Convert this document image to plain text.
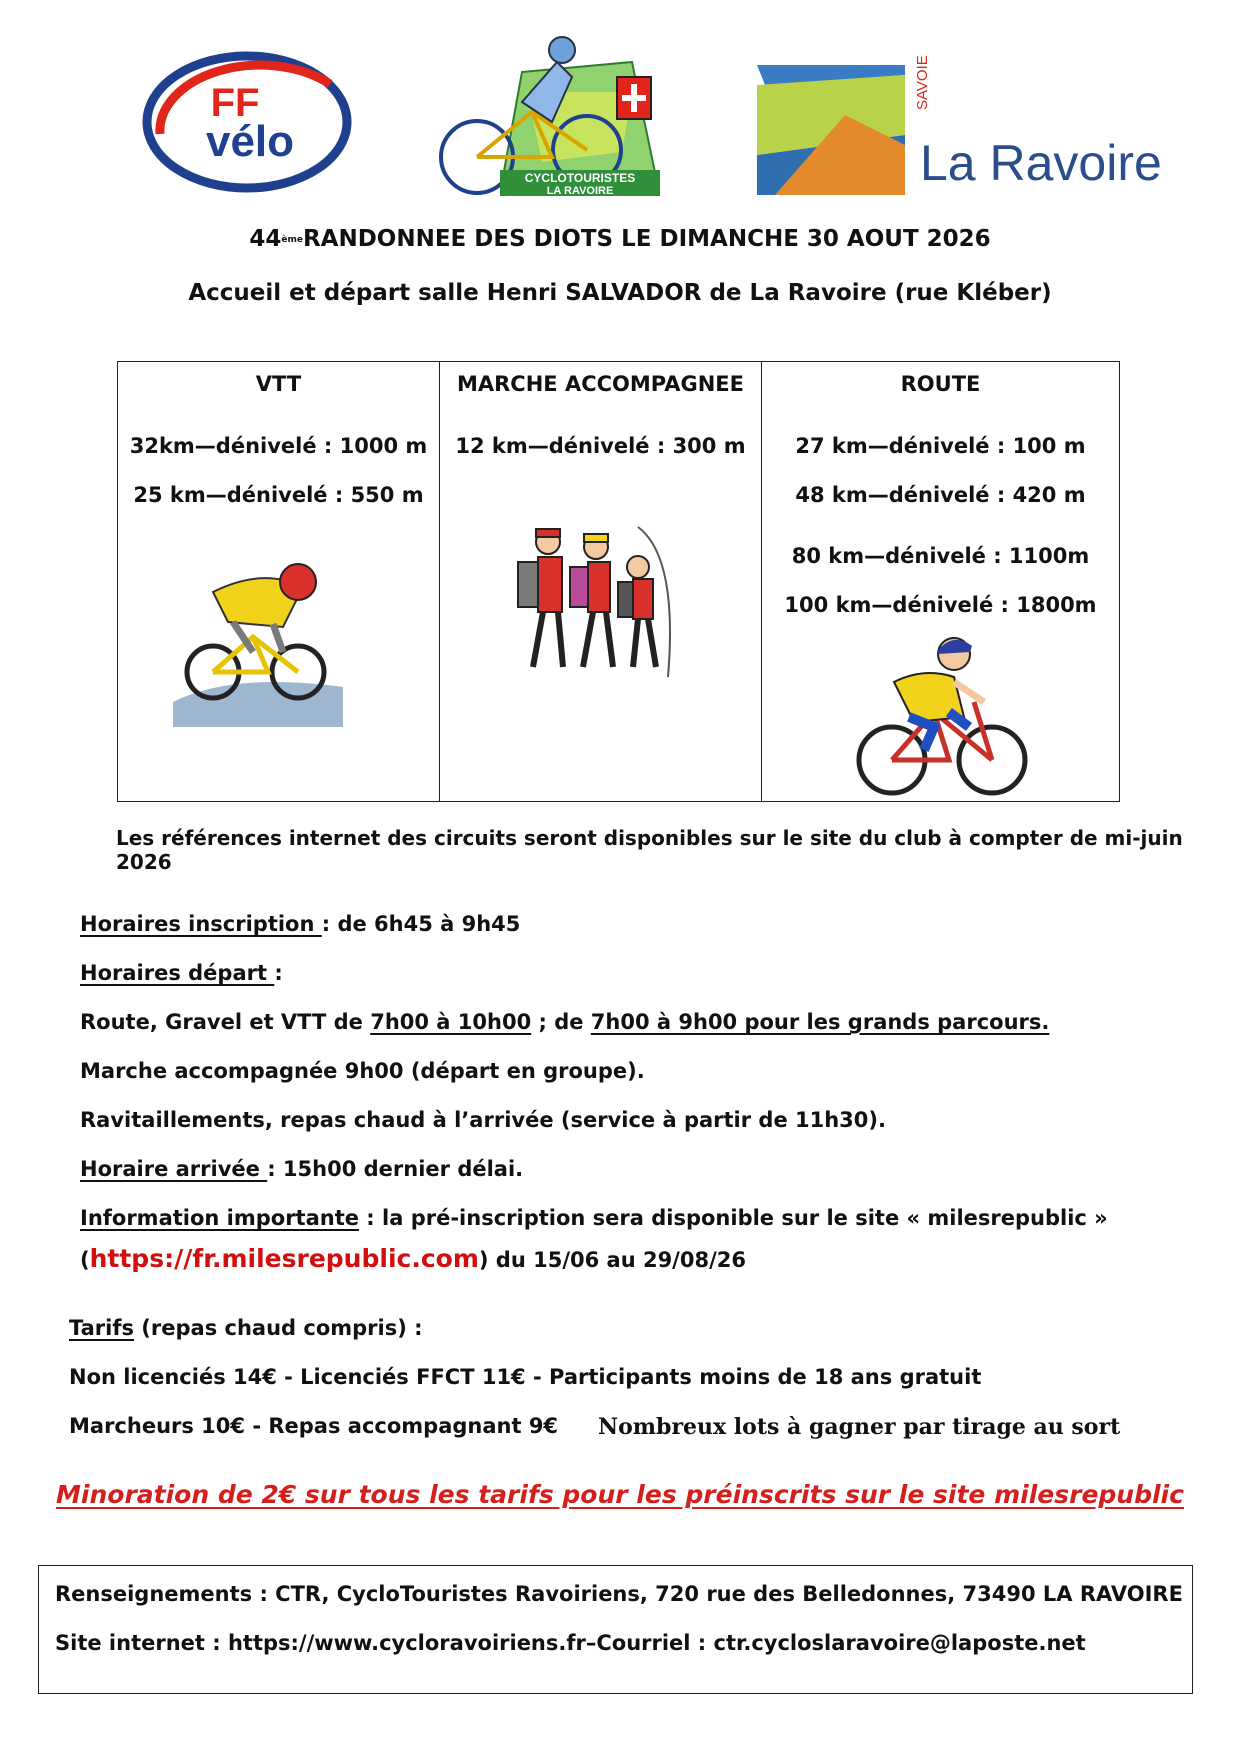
FF
vélo
CYCLOTOURISTES
LA RAVOIRE
SAVOIE
La Ravoire
44èmeRANDONNEE DES DIOTS LE DIMANCHE 30 AOUT 2026
Accueil et départ salle Henri SALVADOR de La Ravoire (rue Kléber)
VTT
32km—dénivelé : 1000 m
25 km—dénivelé : 550 m
MARCHE ACCOMPAGNEE
12 km—dénivelé : 300 m
ROUTE
27 km—dénivelé : 100 m
48 km—dénivelé : 420 m
80 km—dénivelé : 1100m
100 km—dénivelé : 1800m
Les références internet des circuits seront disponibles sur le site du club à compter de mi-juin 2026
Horaires inscription : de 6h45 à 9h45
Horaires départ :
Route, Gravel et VTT de 7h00 à 10h00 ; de 7h00 à 9h00 pour les grands parcours.
Marche accompagnée 9h00 (départ en groupe).
Ravitaillements, repas chaud à l’arrivée (service à partir de 11h30).
Horaire arrivée : 15h00 dernier délai.
Information importante : la pré-inscription sera disponible sur le site « milesrepublic »
(https://fr.milesrepublic.com) du 15/06 au 29/08/26
Tarifs (repas chaud compris) :
Non licenciés 14€ - Licenciés FFCT 11€ - Participants moins de 18 ans gratuit
Marcheurs 10€ - Repas accompagnant 9€ Nombreux lots à gagner par tirage au sort
Minoration de 2€ sur tous les tarifs pour les préinscrits sur le site milesrepublic
Renseignements : CTR, CycloTouristes Ravoiriens, 720 rue des Belledonnes, 73490 LA RAVOIRE
Site internet : https://www.cycloravoiriens.fr–Courriel : ctr.cycloslaravoire@laposte.net
